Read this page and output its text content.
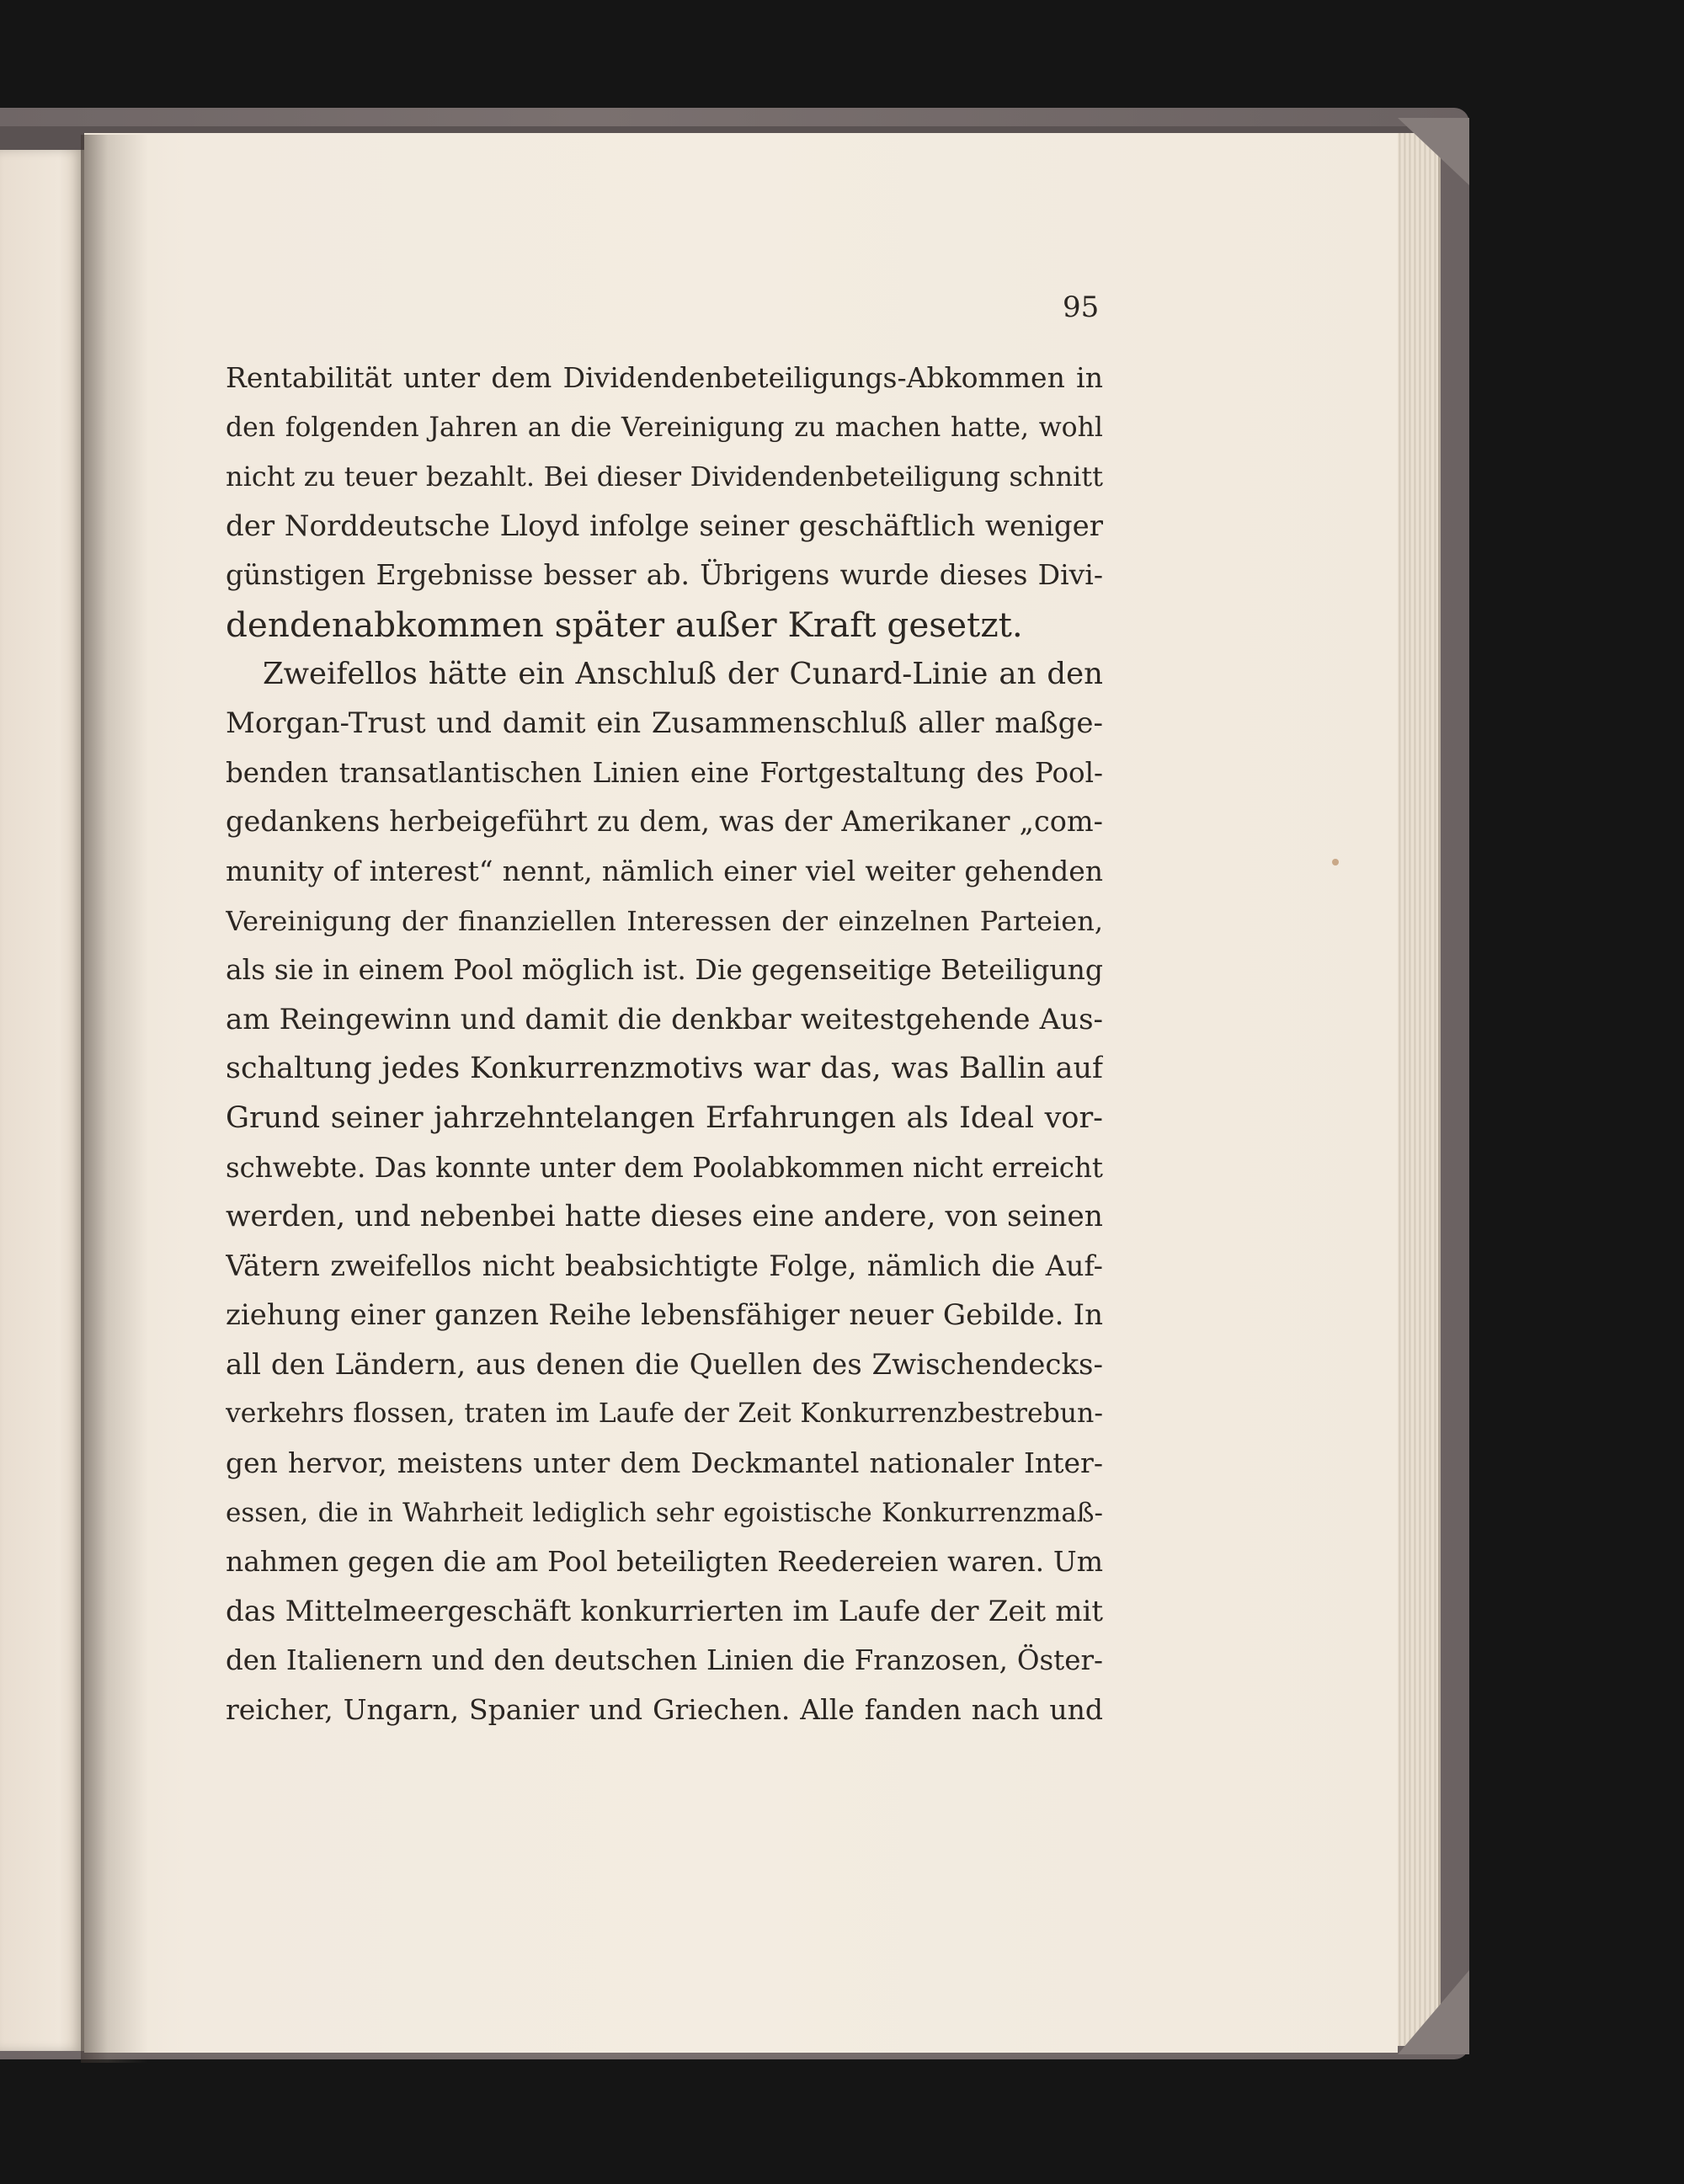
95
Rentabilität unter dem Dividendenbeteiligungs-Abkommen in
den folgenden Jahren an die Vereinigung zu machen hatte, wohl
nicht zu teuer bezahlt. Bei dieser Dividendenbeteiligung schnitt
der Norddeutsche Lloyd infolge seiner geschäftlich weniger
günstigen Ergebnisse besser ab. Übrigens wurde dieses Divi-
dendenabkommen später außer Kraft gesetzt.
Zweifellos hätte ein Anschluß der Cunard-Linie an den
Morgan-Trust und damit ein Zusammenschluß aller maßge-
benden transatlantischen Linien eine Fortgestaltung des Pool-
gedankens herbeigeführt zu dem, was der Amerikaner „com-
munity of interest“ nennt, nämlich einer viel weiter gehenden
Vereinigung der finanziellen Interessen der einzelnen Parteien,
als sie in einem Pool möglich ist. Die gegenseitige Beteiligung
am Reingewinn und damit die denkbar weitestgehende Aus-
schaltung jedes Konkurrenzmotivs war das, was Ballin auf
Grund seiner jahrzehntelangen Erfahrungen als Ideal vor-
schwebte. Das konnte unter dem Poolabkommen nicht erreicht
werden, und nebenbei hatte dieses eine andere, von seinen
Vätern zweifellos nicht beabsichtigte Folge, nämlich die Auf-
ziehung einer ganzen Reihe lebensfähiger neuer Gebilde. In
all den Ländern, aus denen die Quellen des Zwischendecks-
verkehrs flossen, traten im Laufe der Zeit Konkurrenzbestrebun-
gen hervor, meistens unter dem Deckmantel nationaler Inter-
essen, die in Wahrheit lediglich sehr egoistische Konkurrenzmaß-
nahmen gegen die am Pool beteiligten Reedereien waren. Um
das Mittelmeergeschäft konkurrierten im Laufe der Zeit mit
den Italienern und den deutschen Linien die Franzosen, Öster-
reicher, Ungarn, Spanier und Griechen. Alle fanden nach und
